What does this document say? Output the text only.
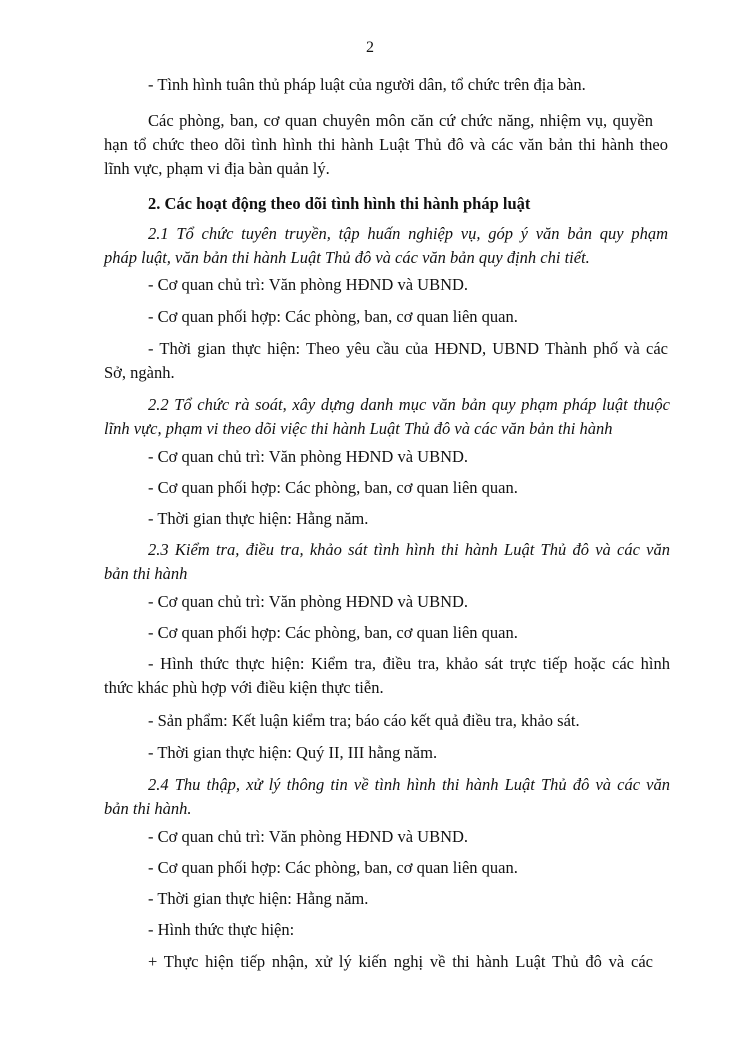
2
- Tình hình tuân thủ pháp luật của người dân, tổ chức trên địa bàn.
Các phòng, ban, cơ quan chuyên môn căn cứ chức năng, nhiệm vụ, quyền
hạn tổ chức theo dõi tình hình thi hành Luật Thủ đô và các văn bản thi hành theo
lĩnh vực, phạm vi địa bàn quản lý.
2. Các hoạt động theo dõi tình hình thi hành pháp luật
2.1 Tổ chức tuyên truyền, tập huấn nghiệp vụ, góp ý văn bản quy phạm
pháp luật, văn bản thi hành Luật Thủ đô và các văn bản quy định chi tiết.
- Cơ quan chủ trì: Văn phòng HĐND và UBND.
- Cơ quan phối hợp: Các phòng, ban, cơ quan liên quan.
- Thời gian thực hiện: Theo yêu cầu của HĐND, UBND Thành phố và các
Sở, ngành.
2.2 Tổ chức rà soát, xây dựng danh mục văn bản quy phạm pháp luật thuộc
lĩnh vực, phạm vi theo dõi việc thi hành Luật Thủ đô và các văn bản thi hành
- Cơ quan chủ trì: Văn phòng HĐND và UBND.
- Cơ quan phối hợp: Các phòng, ban, cơ quan liên quan.
- Thời gian thực hiện: Hằng năm.
2.3 Kiểm tra, điều tra, khảo sát tình hình thi hành Luật Thủ đô và các văn
bản thi hành
- Cơ quan chủ trì: Văn phòng HĐND và UBND.
- Cơ quan phối hợp: Các phòng, ban, cơ quan liên quan.
- Hình thức thực hiện: Kiểm tra, điều tra, khảo sát trực tiếp hoặc các hình
thức khác phù hợp với điều kiện thực tiễn.
- Sản phẩm: Kết luận kiểm tra; báo cáo kết quả điều tra, khảo sát.
- Thời gian thực hiện: Quý II, III hằng năm.
2.4 Thu thập, xử lý thông tin về tình hình thi hành Luật Thủ đô và các văn
bản thi hành.
- Cơ quan chủ trì: Văn phòng HĐND và UBND.
- Cơ quan phối hợp: Các phòng, ban, cơ quan liên quan.
- Thời gian thực hiện: Hằng năm.
- Hình thức thực hiện:
+ Thực hiện tiếp nhận, xử lý kiến nghị về thi hành Luật Thủ đô và các
